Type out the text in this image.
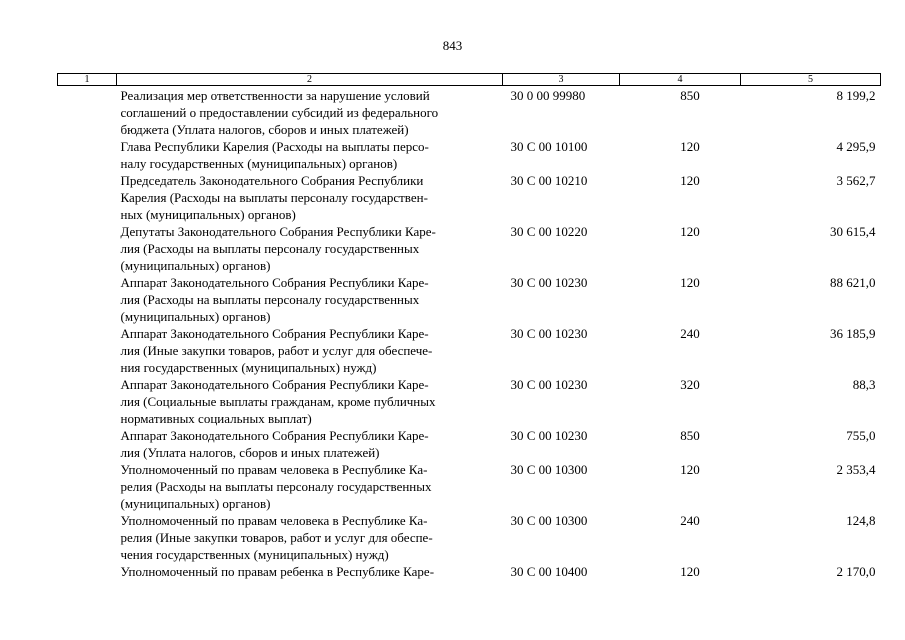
843
1	2	3	4	5

	Реализация мер ответственности за нарушение условий
соглашений о предоставлении субсидий из федерального
бюджета (Уплата налогов, сборов и иных платежей)	30 0 00 99980	850	8 199,2

	Глава Республики Карелия (Расходы на выплаты персо-
налу государственных (муниципальных) органов)	30 С 00 10100	120	4 295,9

	Председатель Законодательного Собрания Республики
Карелия (Расходы на выплаты персоналу государствен-
ных (муниципальных) органов)	30 С 00 10210	120	3 562,7

	Депутаты Законодательного Собрания Республики Каре-
лия (Расходы на выплаты персоналу государственных
(муниципальных) органов)	30 С 00 10220	120	30 615,4

	Аппарат Законодательного Собрания Республики Каре-
лия (Расходы на выплаты персоналу государственных
(муниципальных) органов)	30 С 00 10230	120	88 621,0

	Аппарат Законодательного Собрания Республики Каре-
лия (Иные закупки товаров, работ и услуг для обеспече-
ния государственных (муниципальных) нужд)	30 С 00 10230	240	36 185,9

	Аппарат Законодательного Собрания Республики Каре-
лия (Социальные выплаты гражданам, кроме публичных
нормативных социальных выплат)	30 С 00 10230	320	88,3

	Аппарат Законодательного Собрания Республики Каре-
лия (Уплата налогов, сборов и иных платежей)	30 С 00 10230	850	755,0

	Уполномоченный по правам человека в Республике Ка-
релия (Расходы на выплаты персоналу государственных
(муниципальных) органов)	30 С 00 10300	120	2 353,4

	Уполномоченный по правам человека в Республике Ка-
релия (Иные закупки товаров, работ и услуг для обеспе-
чения государственных (муниципальных) нужд)	30 С 00 10300	240	124,8

	Уполномоченный по правам ребенка в Республике Каре-	30 С 00 10400	120	2 170,0
